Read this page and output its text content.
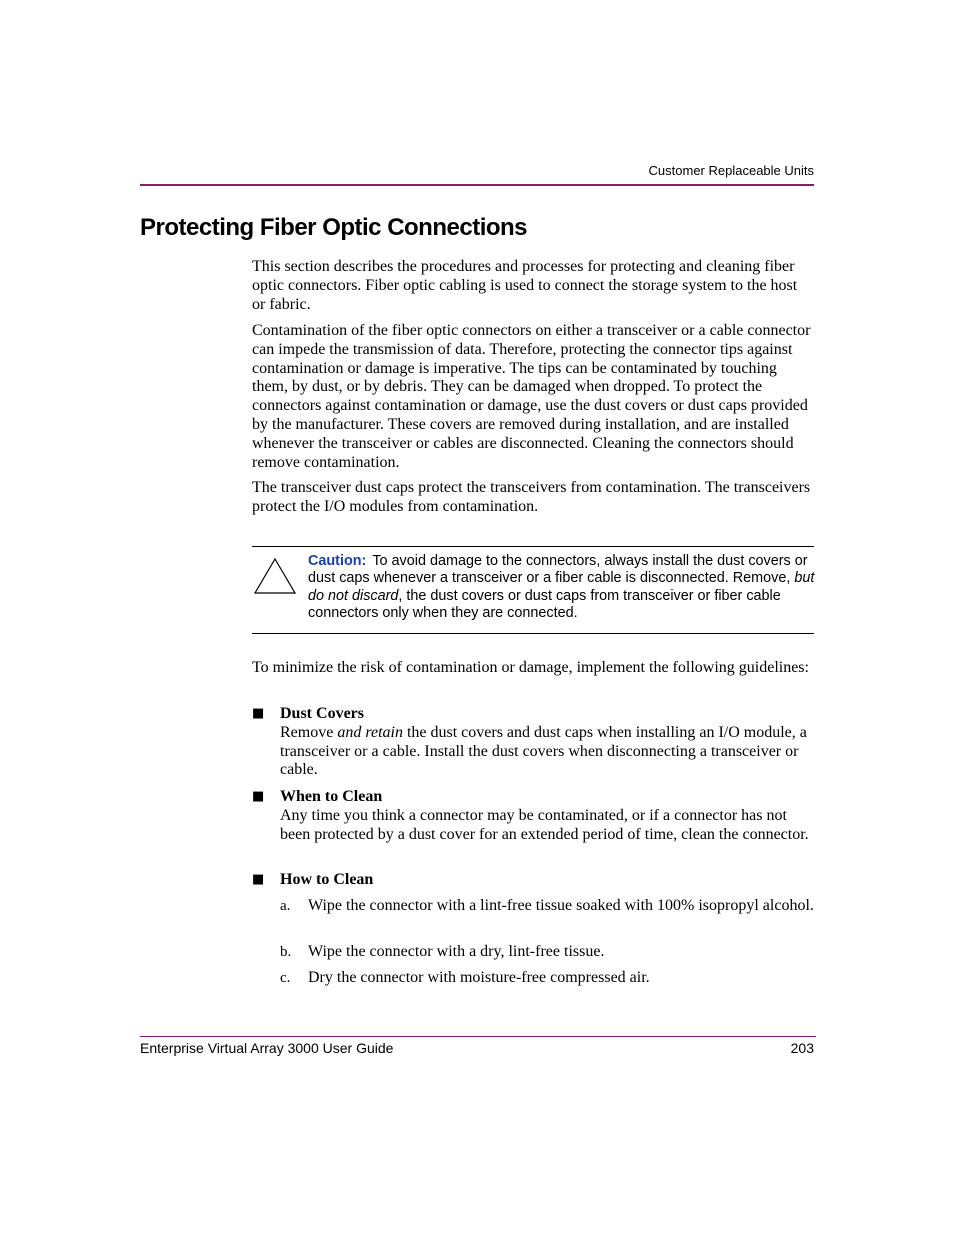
Customer Replaceable Units
Protecting Fiber Optic Connections

This section describes the procedures and processes for protecting and cleaning fiber optic connectors. Fiber optic cabling is used to connect the storage system to the host or fabric.

Contamination of the fiber optic connectors on either a transceiver or a cable connector can impede the transmission of data. Therefore, protecting the connector tips against contamination or damage is imperative. The tips can be contaminated by touching them, by dust, or by debris. They can be damaged when dropped. To protect the connectors against contamination or damage, use the dust covers or dust caps provided by the manufacturer. These covers are removed during installation, and are installed whenever the transceiver or cables are disconnected. Cleaning the connectors should remove contamination.

The transceiver dust caps protect the transceivers from contamination. The transceivers protect the I/O modules from contamination.

Caution: To avoid damage to the connectors, always install the dust covers or dust caps whenever a transceiver or a fiber cable is disconnected. Remove, but do not discard, the dust covers or dust caps from transceiver or fiber cable connectors only when they are connected.

To minimize the risk of contamination or damage, implement the following guidelines:

■ Dust Covers
Remove and retain the dust covers and dust caps when installing an I/O module, a transceiver or a cable. Install the dust covers when disconnecting a transceiver or cable.
■ When to Clean
Any time you think a connector may be contaminated, or if a connector has not been protected by a dust cover for an extended period of time, clean the connector.
■ How to Clean
a. Wipe the connector with a lint-free tissue soaked with 100% isopropyl alcohol.
b. Wipe the connector with a dry, lint-free tissue.
c. Dry the connector with moisture-free compressed air.
Enterprise Virtual Array 3000 User Guide	203
